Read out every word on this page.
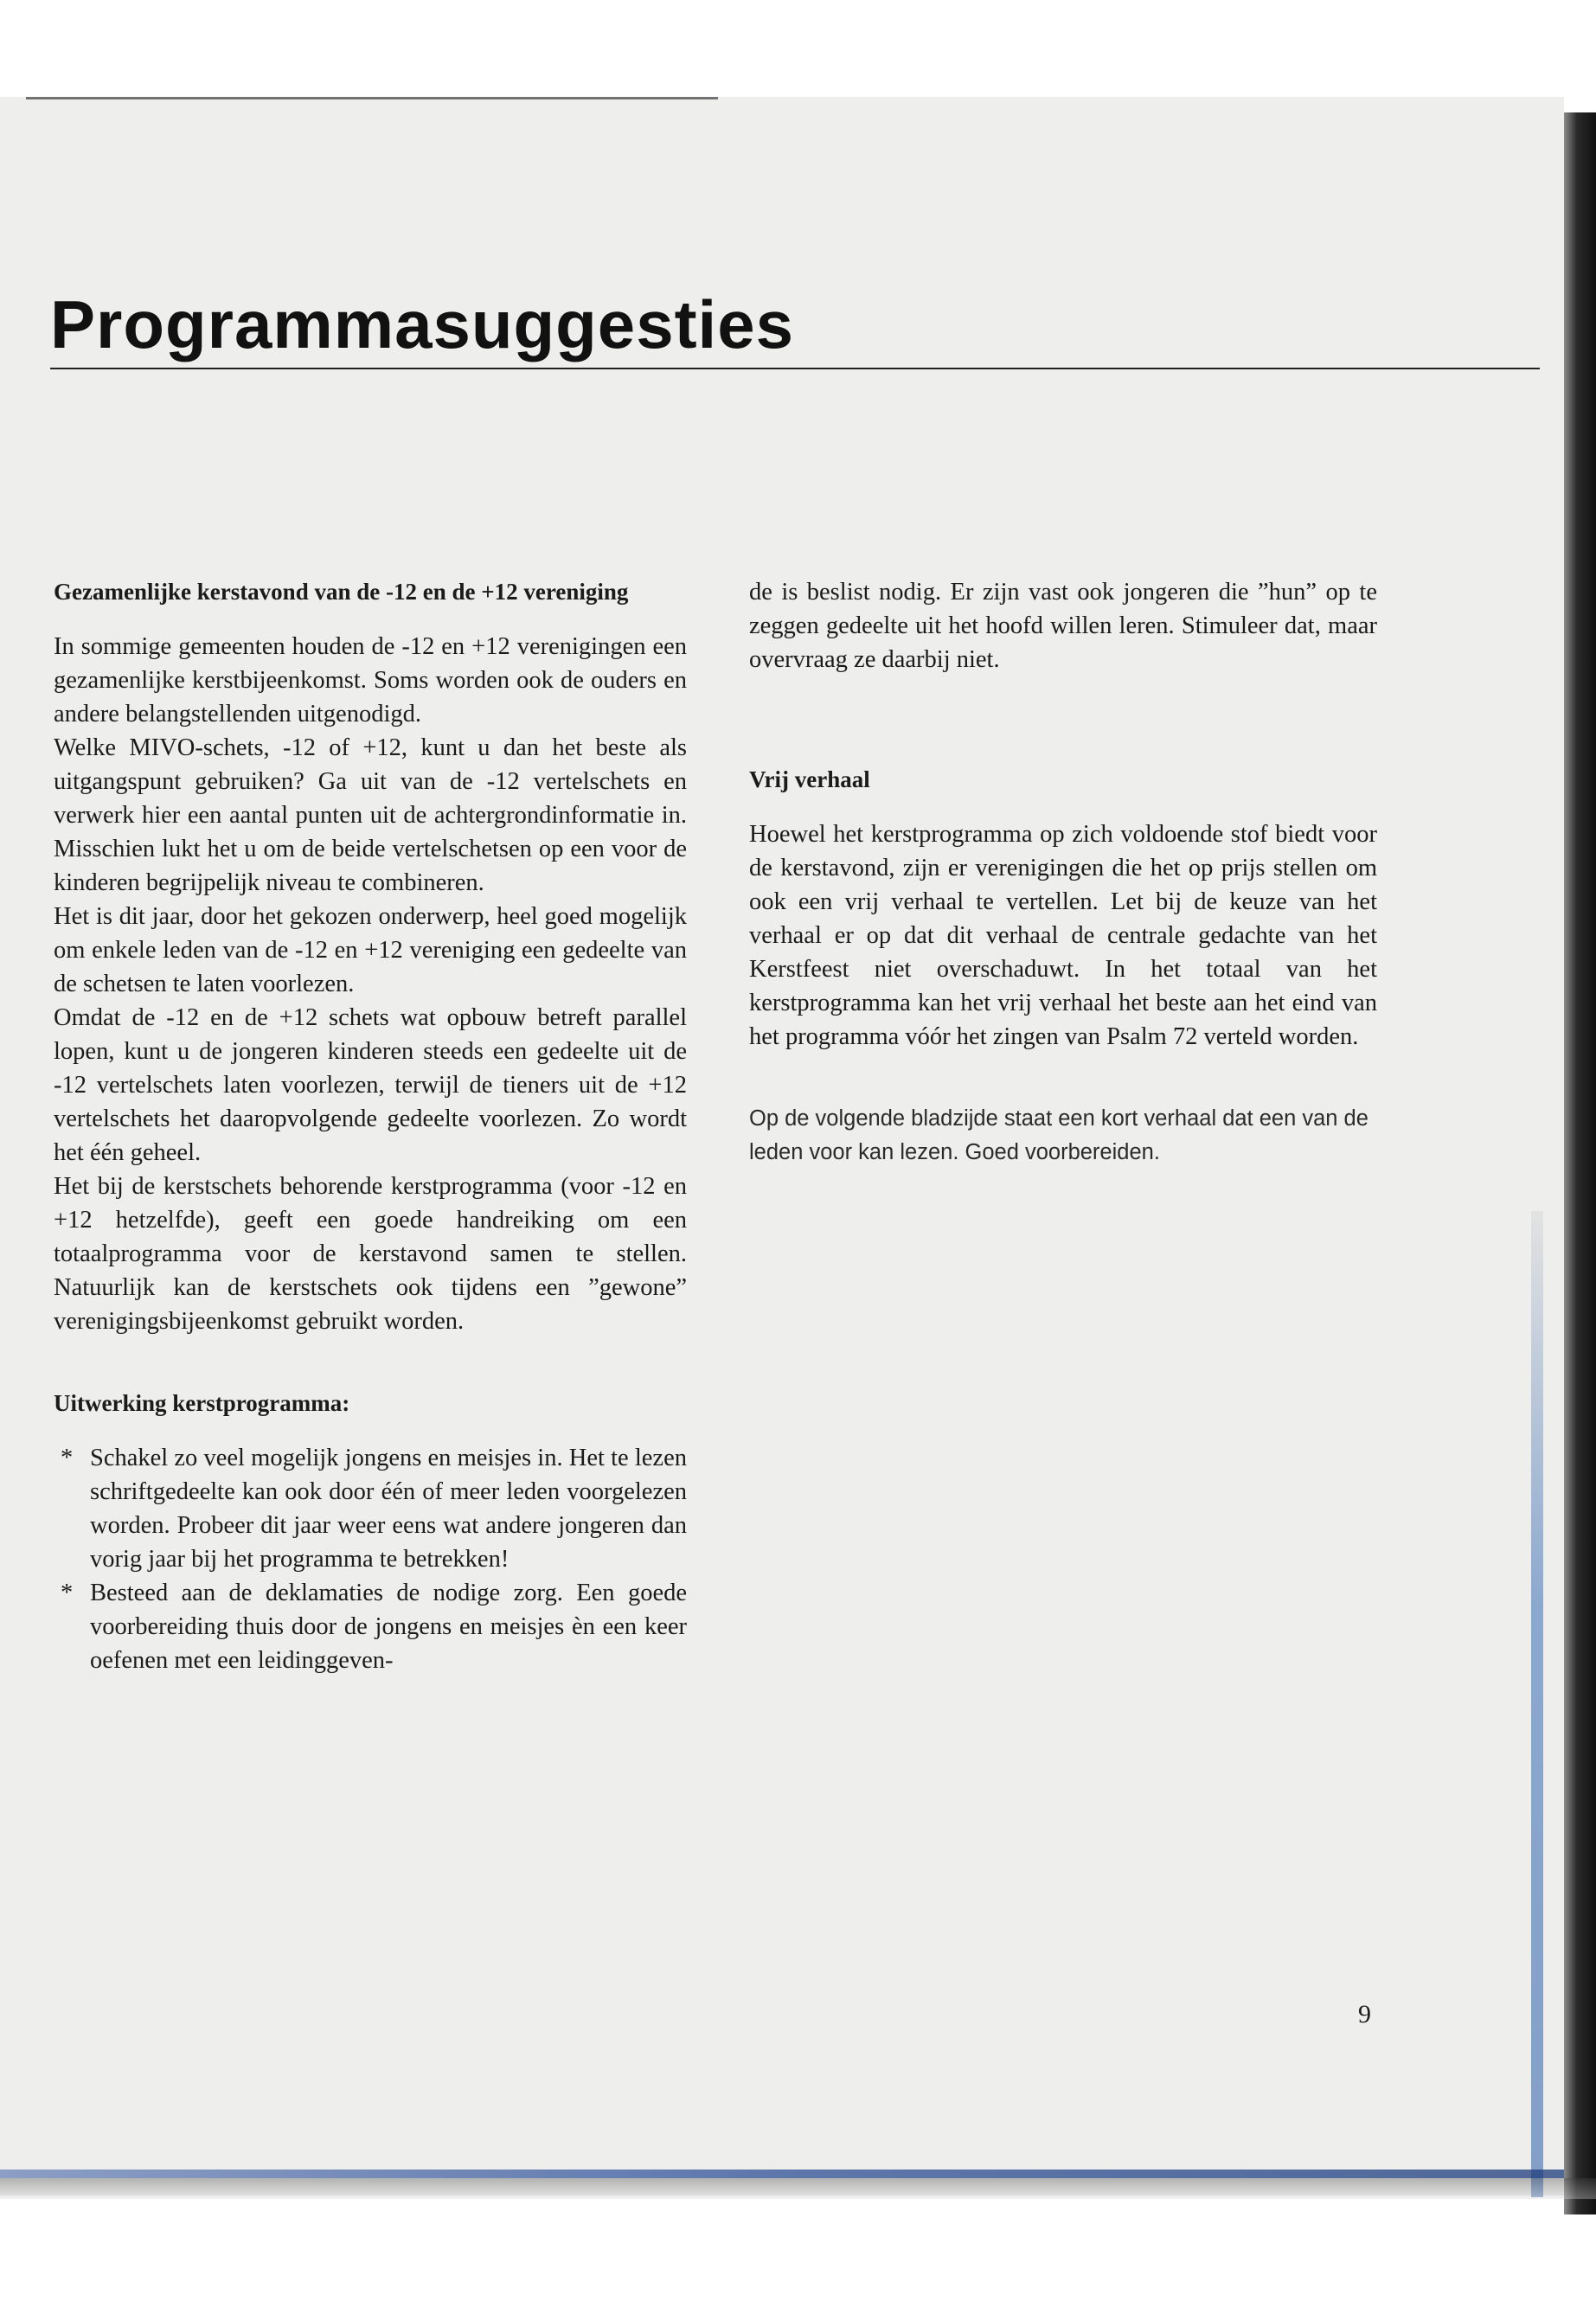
Programmasuggesties
Gezamenlijke kerstavond van de -12 en de +12 vereniging

In sommige gemeenten houden de -12 en +12 verenigingen een gezamenlijke kerstbijeenkomst. Soms worden ook de ouders en andere belangstellenden uitgenodigd.

Welke MIVO-schets, -12 of +12, kunt u dan het beste als uitgangspunt gebruiken? Ga uit van de -12 vertelschets en verwerk hier een aantal punten uit de achtergrondinformatie in. Misschien lukt het u om de beide vertelschetsen op een voor de kinderen begrijpelijk niveau te combineren.

Het is dit jaar, door het gekozen onderwerp, heel goed mogelijk om enkele leden van de -12 en +12 vereniging een gedeelte van de schetsen te laten voorlezen.

Omdat de -12 en de +12 schets wat opbouw betreft parallel lopen, kunt u de jongeren kinderen steeds een gedeelte uit de -12 vertelschets laten voorlezen, terwijl de tieners uit de +12 vertelschets het daaropvolgende gedeelte voorlezen. Zo wordt het één geheel.

Het bij de kerstschets behorende kerstprogramma (voor -12 en +12 hetzelfde), geeft een goede handreiking om een totaalprogramma voor de kerstavond samen te stellen. Natuurlijk kan de kerstschets ook tijdens een ”gewone” verenigingsbijeenkomst gebruikt worden.

Uitwerking kerstprogramma:
* Schakel zo veel mogelijk jongens en meisjes in. Het te lezen schriftgedeelte kan ook door één of meer leden voorgelezen worden. Probeer dit jaar weer eens wat andere jongeren dan vorig jaar bij het programma te betrekken!
* Besteed aan de deklamaties de nodige zorg. Een goede voorbereiding thuis door de jongens en meisjes èn een keer oefenen met een leidinggeven-

de is beslist nodig. Er zijn vast ook jongeren die ”hun” op te zeggen gedeelte uit het hoofd willen leren. Stimuleer dat, maar overvraag ze daarbij niet.

Vrij verhaal

Hoewel het kerstprogramma op zich voldoende stof biedt voor de kerstavond, zijn er verenigingen die het op prijs stellen om ook een vrij verhaal te vertellen. Let bij de keuze van het verhaal er op dat dit verhaal de centrale gedachte van het Kerstfeest niet overschaduwt. In het totaal van het kerstprogramma kan het vrij verhaal het beste aan het eind van het programma vóór het zingen van Psalm 72 verteld worden.

Op de volgende bladzijde staat een kort verhaal dat een van de leden voor kan lezen. Goed voorbereiden.

9
